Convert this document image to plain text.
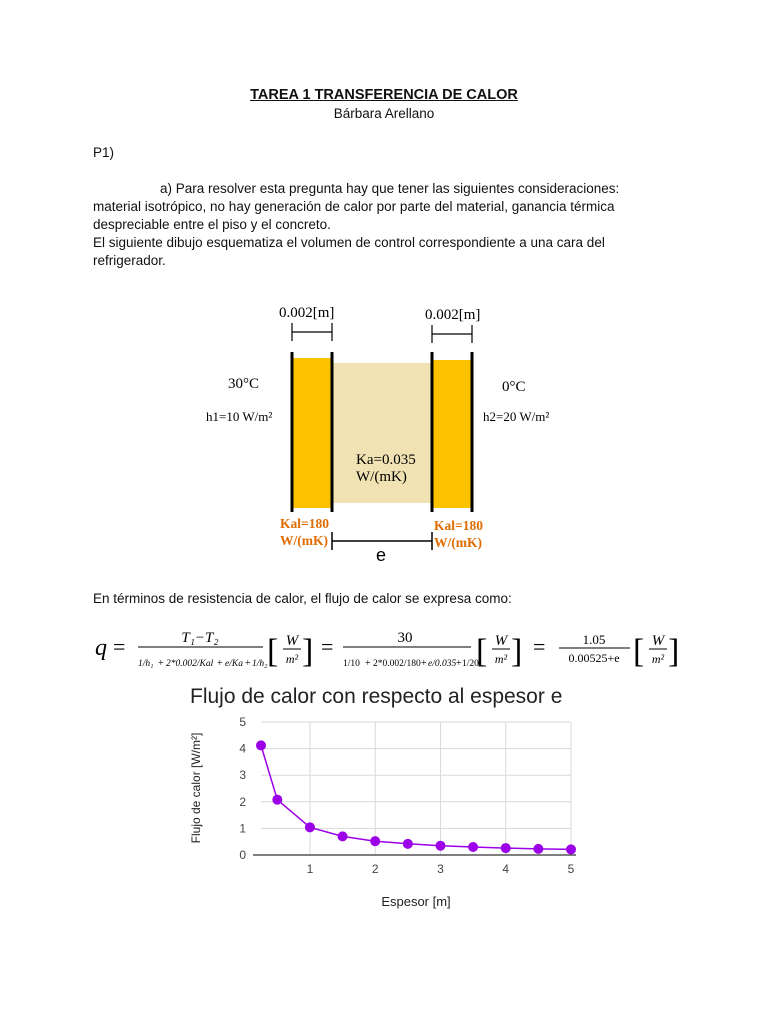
TAREA 1 TRANSFERENCIA DE CALOR
Bárbara Arellano
P1)
a) Para resolver esta pregunta hay que tener las siguientes consideraciones:
material isotrópico, no hay generación de calor por parte del material, ganancia térmica
despreciable entre el piso y el concreto.
El siguiente dibujo esquematiza el volumen de control correspondiente a una cara del
refrigerador.
0.002[m]	0.002[m]
30°C	0°C
h1=10 W/m²	h2=20 W/m²
Ka=0.035
W/(mK)
Kal=180
W/(mK)
Kal=180
W/(mK)
e
En términos de resistencia de calor, el flujo de calor se expresa como:
q =	T₁−T₂
1/h₁ + 2*0.002/Kal + e/Ka + 1/h₂ [ W
m² ] =	30
1/10 + 2*0.002/180 + e/0.035 + 1/20
[ W
m² ] =	1.05
0.00525+e [ W
m² ]
Flujo de calor con respecto al espesor e
0
1
2
3
4
5
1	2	3	4	5
Espesor [m]
Flujo de calor [W/m²]
